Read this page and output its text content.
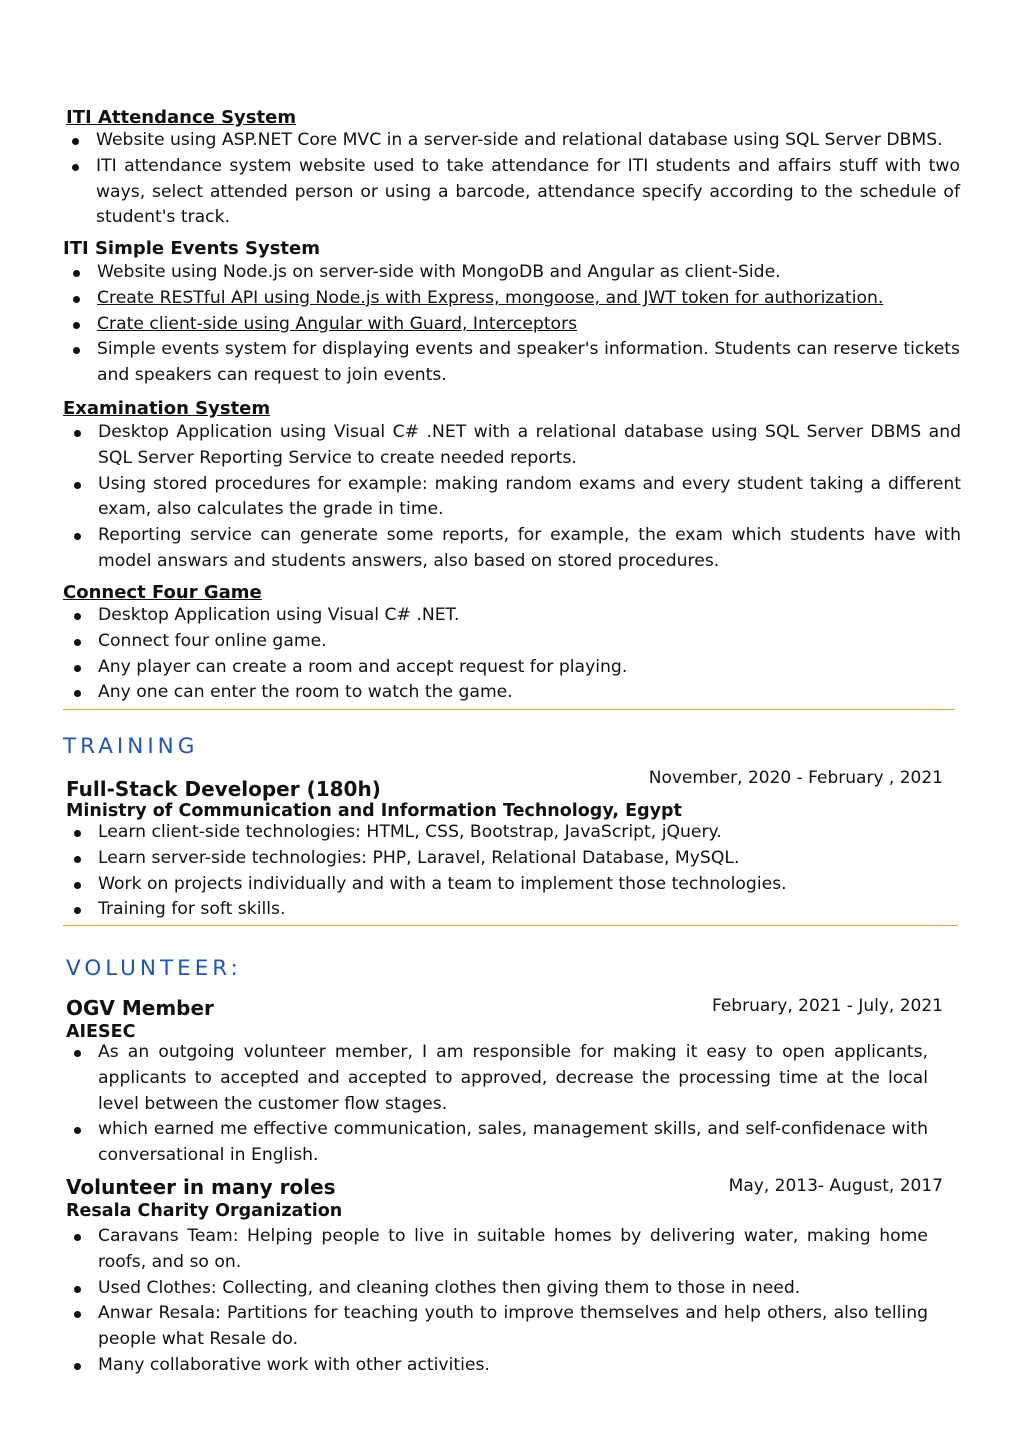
ITI Attendance System
Website using ASP.NET Core MVC in a server-side and relational database using SQL Server DBMS.
ITI attendance system website used to take attendance for ITI students and affairs stuff with two ways, select attended person or using a barcode, attendance specify according to the schedule of student's track.
ITI Simple Events System
Website using Node.js on server-side with MongoDB and Angular as client-Side.
Create RESTful API using Node.js with Express, mongoose, and JWT token for authorization.
Crate client-side using Angular with Guard, Interceptors
Simple events system for displaying events and speaker's information. Students can reserve tickets and speakers can request to join events.
Examination System
Desktop Application using Visual C# .NET with a relational database using SQL Server DBMS and SQL Server Reporting Service to create needed reports.
Using stored procedures for example: making random exams and every student taking a different exam, also calculates the grade in time.
Reporting service can generate some reports, for example, the exam which students have with model answars and students answers, also based on stored procedures.
Connect Four Game
Desktop Application using Visual C# .NET.
Connect four online game.
Any player can create a room and accept request for playing.
Any one can enter the room to watch the game.
TRAINING
Full-Stack Developer (180h)	November, 2020 - February , 2021
Ministry of Communication and Information Technology, Egypt
Learn client-side technologies: HTML, CSS, Bootstrap, JavaScript, jQuery.
Learn server-side technologies: PHP, Laravel, Relational Database, MySQL.
Work on projects individually and with a team to implement those technologies.
Training for soft skills.
VOLUNTEER:
OGV Member	February, 2021 - July, 2021
AIESEC
As an outgoing volunteer member, I am responsible for making it easy to open applicants, applicants to accepted and accepted to approved, decrease the processing time at the local level between the customer flow stages.
which earned me effective communication, sales, management skills, and self-confidenace with conversational in English.
Volunteer in many roles	May, 2013- August, 2017
Resala Charity Organization
Caravans Team: Helping people to live in suitable homes by delivering water, making home roofs, and so on.
Used Clothes: Collecting, and cleaning clothes then giving them to those in need.
Anwar Resala: Partitions for teaching youth to improve themselves and help others, also telling people what Resale do.
Many collaborative work with other activities.
